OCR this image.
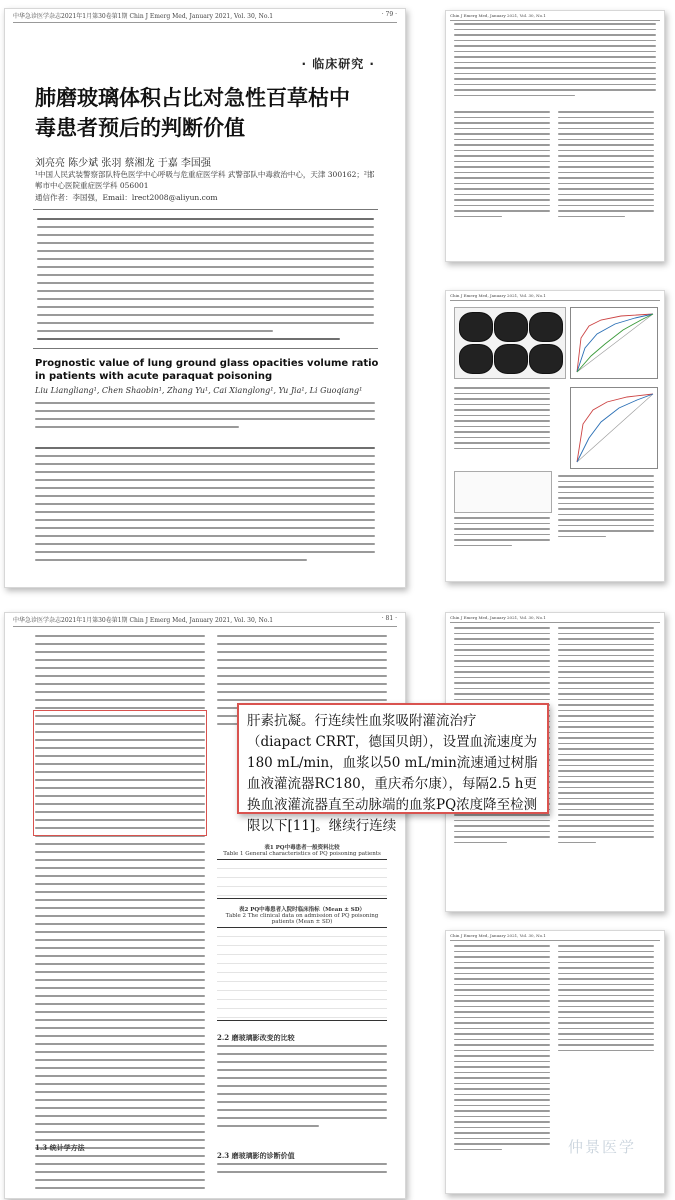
中华急诊医学杂志2021年1月第30卷第1期 Chin J Emerg Med, January 2021, Vol. 30, No.1	· 79 ·
· 临床研究 ·
肺磨玻璃体积占比对急性百草枯中毒患者预后的判断价值
刘亮亮 陈少斌 张羽 蔡湘龙 于嘉 李国强
¹中国人民武装警察部队特色医学中心呼吸与危重症医学科 武警部队中毒救治中心，天津 300162；²邯郸市中心医院重症医学科 056001
通信作者：李国强，Email：lrect2008@aliyun.com
Prognostic value of lung ground glass opacities volume ratio in patients with acute paraquat poisoning
Liu Liangliang¹, Chen Shaobin¹, Zhang Yu¹, Cai Xianglong¹, Yu Jia¹, Li Guoqiang¹
Chin J Emerg Med, January 2021, Vol. 30, No.1
Chin J Emerg Med, January 2021, Vol. 30, No.1
中华急诊医学杂志2021年1月第30卷第1期 Chin J Emerg Med, January 2021, Vol. 30, No.1	· 81 ·
1.3 统计学方法
表1 PQ中毒患者一般资料比较
Table 1 General characteristics of PQ poisoning patients
表2 PQ中毒患者入院时临床指标（Mean ± SD）
Table 2 The clinical data on admission of PQ poisoning patients (Mean ± SD)
2.2 磨玻璃影改变的比较
2.3 磨玻璃影的诊断价值
肝素抗凝。行连续性血浆吸附灌流治疗（diapact CRRT，德国贝朗），设置血流速度为180 mL/min，血浆以50 mL/min流速通过树脂血液灌流器RC180，重庆希尔康），每隔2.5 h更换血液灌流器直至动脉端的血浆PQ浓度降至检测限以下[11]。继续行连续
Chin J Emerg Med, January 2021, Vol. 30, No.1
Chin J Emerg Med, January 2021, Vol. 30, No.1
仲景医学
